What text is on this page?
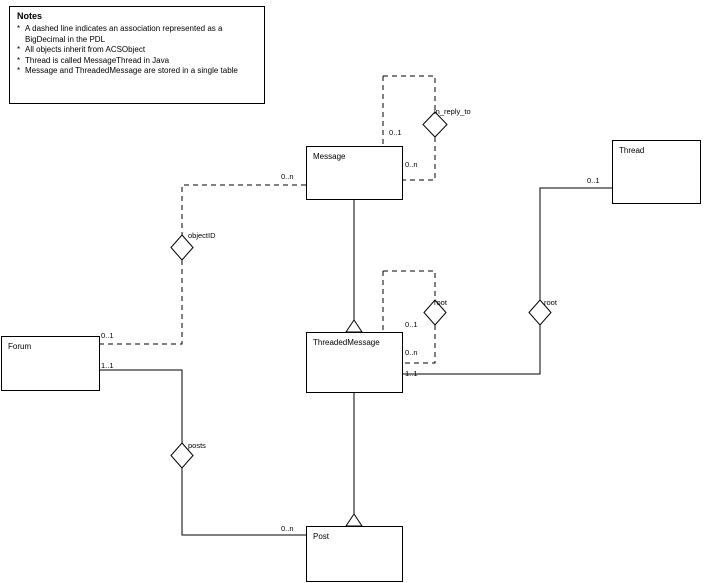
Notes
* A dashed line indicates an association represented as a BigDecimal in the PDL
* All objects inherit from ACSObject
* Thread is called MessageThread in Java
* Message and ThreadedMessage are stored in a single table
Message
Thread
Forum	ThreadedMessage
Post
in_reply_to
objectID
root	root
posts
0..1
0..n
0..n	0..1
0..1
1..1
0..1
0..n
1..1
0..n
